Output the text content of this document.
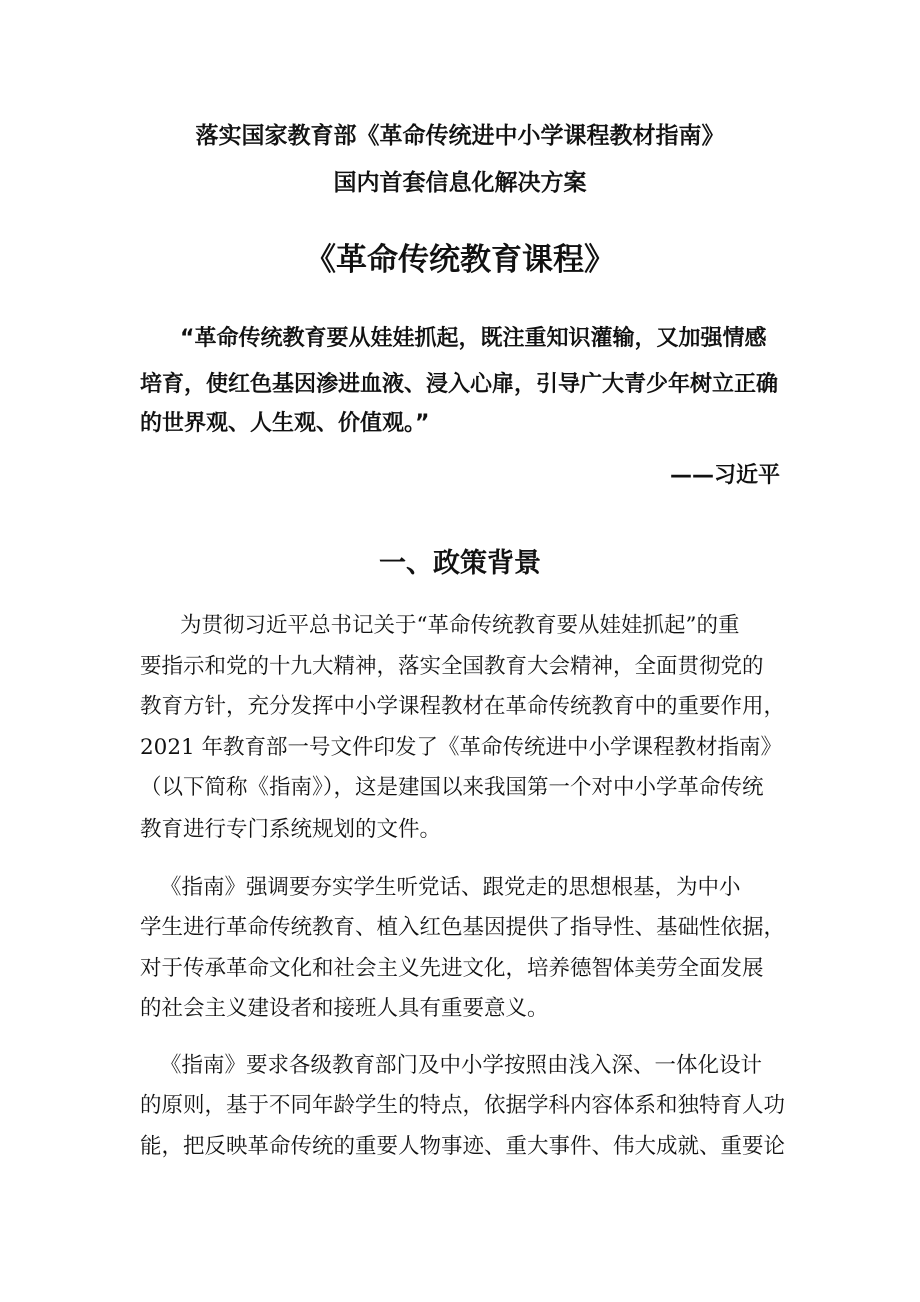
落实国家教育部《革命传统进中小学课程教材指南》

国内首套信息化解决方案

《革命传统教育课程》

“革命传统教育要从娃娃抓起，既注重知识灌输，又加强情感

培育，使红色基因渗进血液、浸入心扉，引导广大青少年树立正确

的世界观、人生观、价值观。”

——习近平

一、政策背景

为贯彻习近平总书记关于“革命传统教育要从娃娃抓起”的重

要指示和党的十九大精神，落实全国教育大会精神，全面贯彻党的

教育方针，充分发挥中小学课程教材在革命传统教育中的重要作用，

2021 年教育部一号文件印发了《革命传统进中小学课程教材指南》

（以下简称《指南》），这是建国以来我国第一个对中小学革命传统

教育进行专门系统规划的文件。

《指南》强调要夯实学生听党话、跟党走的思想根基，为中小

学生进行革命传统教育、植入红色基因提供了指导性、基础性依据，

对于传承革命文化和社会主义先进文化，培养德智体美劳全面发展

的社会主义建设者和接班人具有重要意义。

《指南》要求各级教育部门及中小学按照由浅入深、一体化设计

的原则，基于不同年龄学生的特点，依据学科内容体系和独特育人功

能，把反映革命传统的重要人物事迹、重大事件、伟大成就、重要论
